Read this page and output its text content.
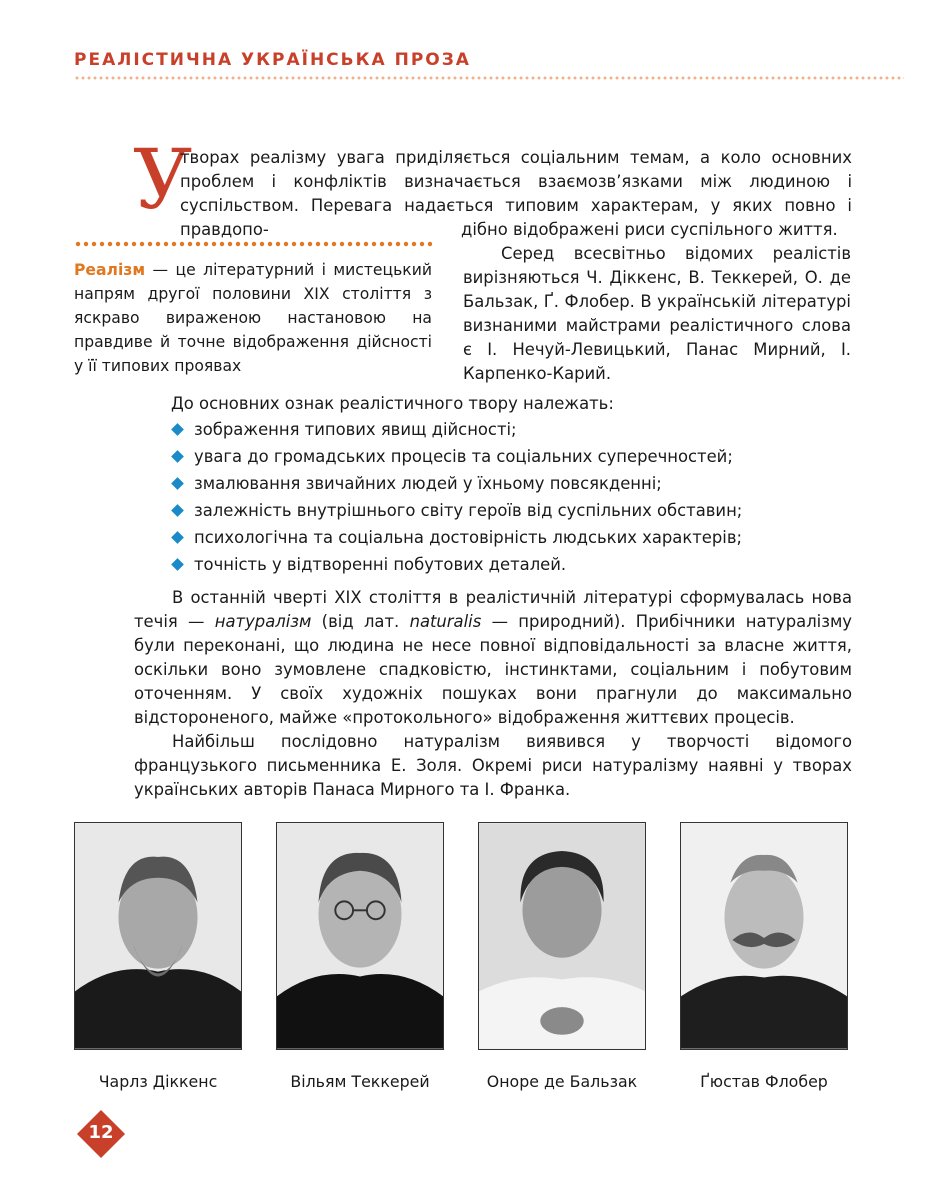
РЕАЛІСТИЧНА УКРАЇНСЬКА ПРОЗА
У
творах реалізму увага приділяється соціальним темам, а коло основних проблем і конфліктів визначається взаємозв’язками між людиною і суспільством. Перевага надається типовим характерам, у яких повно і правдопо-	дібно відображені риси суспільного життя.
Реалізм — це літературний і мистецький напрям другої половини ХІХ століття з яскраво вираженою настановою на правдиве й точне відображення дійсності у її типових проявах
Серед всесвітньо відомих реалістів вирізняються Ч. Діккенс, В. Теккерей, О. де Бальзак, Ґ. Флобер. В українській літературі визнаними майстрами реалістичного слова є І. Нечуй-Левицький, Панас Мирний, І. Карпенко-Карий.
До основних ознак реалістичного твору належать:
зображення типових явищ дійсності;
увага до громадських процесів та соціальних суперечностей;
змалювання звичайних людей у їхньому повсякденні;
залежність внутрішнього світу героїв від суспільних обставин;
психологічна та соціальна достовірність людських характерів;
точність у відтворенні побутових деталей.
В останній чверті ХІХ століття в реалістичній літературі сформувалась нова течія — натуралізм (від лат. naturalis — природний). Прибічники натуралізму були переконані, що людина не несе повної відповідальності за власне життя, оскільки воно зумовлене спадковістю, інстинктами, соціальним і побутовим оточенням. У своїх художніх пошуках вони прагнули до максимально відстороненого, майже «протокольного» відображення життєвих процесів.
Найбільш послідовно натуралізм виявився у творчості відомого французького письменника Е. Золя. Окремі риси натуралізму наявні у творах українських авторів Панаса Мирного та І. Франка.
Чарлз Діккенс	Вільям Теккерей	Оноре де Бальзак	Ґюстав Флобер
12
